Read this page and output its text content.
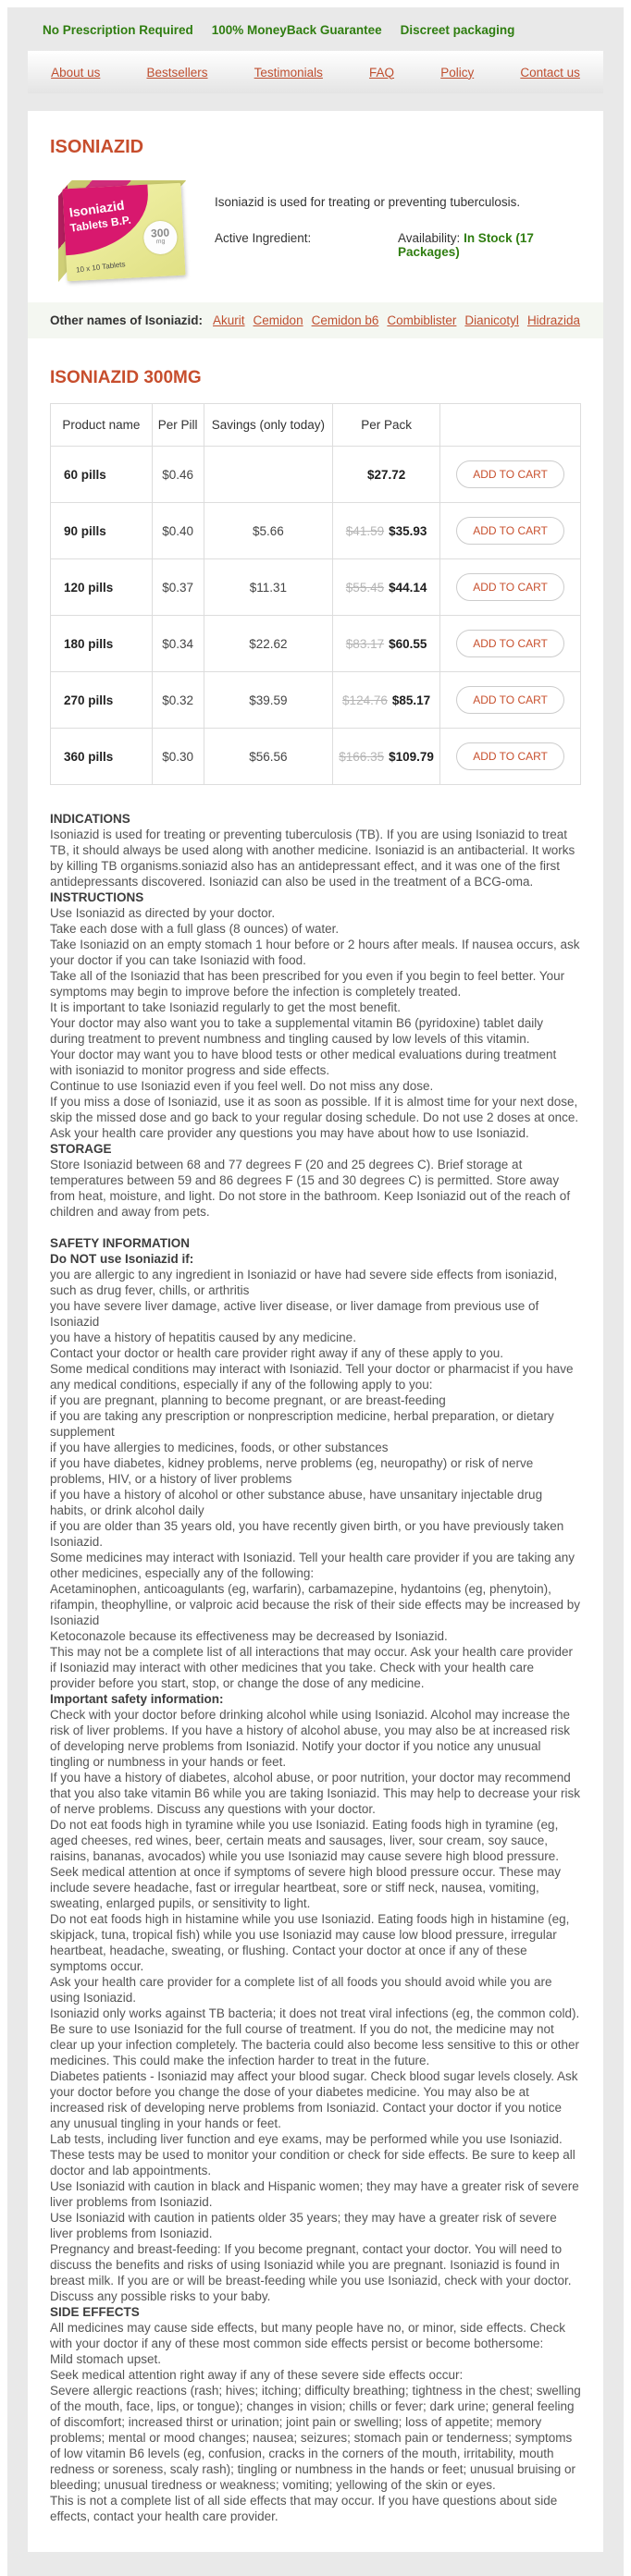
No Prescription Required 100% MoneyBack Guarantee Discreet packaging
About us	Bestsellers	Testimonials	FAQ	Policy	Contact us
ISONIAZID
Isoniazid
Tablets B.P.	300
mg
10 x 10 Tablets
Isoniazid is used for treating or preventing tuberculosis.
Active Ingredient:	Availability: In Stock (17 Packages)
Other names of Isoniazid: Akurit Cemidon Cemidon b6 Combiblister Dianicotyl Hidrazida
ISONIAZID 300MG
Product name	Per Pill	Savings (only today)	Per Pack	
60 pills	$0.46		$27.72	ADD TO CART
90 pills	$0.40	$5.66	$41.59 $35.93	ADD TO CART
120 pills	$0.37	$11.31	$55.45 $44.14	ADD TO CART
180 pills	$0.34	$22.62	$83.17 $60.55	ADD TO CART
270 pills	$0.32	$39.59	$124.76 $85.17	ADD TO CART
360 pills	$0.30	$56.56	$166.35 $109.79	ADD TO CART
INDICATIONS
Isoniazid is used for treating or preventing tuberculosis (TB). If you are using Isoniazid to treat TB, it should always be used along with another medicine. Isoniazid is an antibacterial. It works by killing TB organisms.soniazid also has an antidepressant effect, and it was one of the first antidepressants discovered. Isoniazid can also be used in the treatment of a BCG-oma.
INSTRUCTIONS
Use Isoniazid as directed by your doctor.
Take each dose with a full glass (8 ounces) of water.
Take Isoniazid on an empty stomach 1 hour before or 2 hours after meals. If nausea occurs, ask your doctor if you can take Isoniazid with food.
Take all of the Isoniazid that has been prescribed for you even if you begin to feel better. Your symptoms may begin to improve before the infection is completely treated.
It is important to take Isoniazid regularly to get the most benefit.
Your doctor may also want you to take a supplemental vitamin B6 (pyridoxine) tablet daily during treatment to prevent numbness and tingling caused by low levels of this vitamin.
Your doctor may want you to have blood tests or other medical evaluations during treatment with isoniazid to monitor progress and side effects.
Continue to use Isoniazid even if you feel well. Do not miss any dose.
If you miss a dose of Isoniazid, use it as soon as possible. If it is almost time for your next dose, skip the missed dose and go back to your regular dosing schedule. Do not use 2 doses at once.
Ask your health care provider any questions you may have about how to use Isoniazid.
STORAGE
Store Isoniazid between 68 and 77 degrees F (20 and 25 degrees C). Brief storage at temperatures between 59 and 86 degrees F (15 and 30 degrees C) is permitted. Store away from heat, moisture, and light. Do not store in the bathroom. Keep Isoniazid out of the reach of children and away from pets.
SAFETY INFORMATION
Do NOT use Isoniazid if:
you are allergic to any ingredient in Isoniazid or have had severe side effects from isoniazid, such as drug fever, chills, or arthritis
you have severe liver damage, active liver disease, or liver damage from previous use of Isoniazid
you have a history of hepatitis caused by any medicine.
Contact your doctor or health care provider right away if any of these apply to you.
Some medical conditions may interact with Isoniazid. Tell your doctor or pharmacist if you have any medical conditions, especially if any of the following apply to you:
if you are pregnant, planning to become pregnant, or are breast-feeding
if you are taking any prescription or nonprescription medicine, herbal preparation, or dietary supplement
if you have allergies to medicines, foods, or other substances
if you have diabetes, kidney problems, nerve problems (eg, neuropathy) or risk of nerve problems, HIV, or a history of liver problems
if you have a history of alcohol or other substance abuse, have unsanitary injectable drug habits, or drink alcohol daily
if you are older than 35 years old, you have recently given birth, or you have previously taken Isoniazid.
Some medicines may interact with Isoniazid. Tell your health care provider if you are taking any other medicines, especially any of the following:
Acetaminophen, anticoagulants (eg, warfarin), carbamazepine, hydantoins (eg, phenytoin), rifampin, theophylline, or valproic acid because the risk of their side effects may be increased by Isoniazid
Ketoconazole because its effectiveness may be decreased by Isoniazid.
This may not be a complete list of all interactions that may occur. Ask your health care provider if Isoniazid may interact with other medicines that you take. Check with your health care provider before you start, stop, or change the dose of any medicine.
Important safety information:
Check with your doctor before drinking alcohol while using Isoniazid. Alcohol may increase the risk of liver problems. If you have a history of alcohol abuse, you may also be at increased risk of developing nerve problems from Isoniazid. Notify your doctor if you notice any unusual tingling or numbness in your hands or feet.
If you have a history of diabetes, alcohol abuse, or poor nutrition, your doctor may recommend that you also take vitamin B6 while you are taking Isoniazid. This may help to decrease your risk of nerve problems. Discuss any questions with your doctor.
Do not eat foods high in tyramine while you use Isoniazid. Eating foods high in tyramine (eg, aged cheeses, red wines, beer, certain meats and sausages, liver, sour cream, soy sauce, raisins, bananas, avocados) while you use Isoniazid may cause severe high blood pressure. Seek medical attention at once if symptoms of severe high blood pressure occur. These may include severe headache, fast or irregular heartbeat, sore or stiff neck, nausea, vomiting, sweating, enlarged pupils, or sensitivity to light.
Do not eat foods high in histamine while you use Isoniazid. Eating foods high in histamine (eg, skipjack, tuna, tropical fish) while you use Isoniazid may cause low blood pressure, irregular heartbeat, headache, sweating, or flushing. Contact your doctor at once if any of these symptoms occur.
Ask your health care provider for a complete list of all foods you should avoid while you are using Isoniazid.
Isoniazid only works against TB bacteria; it does not treat viral infections (eg, the common cold).
Be sure to use Isoniazid for the full course of treatment. If you do not, the medicine may not clear up your infection completely. The bacteria could also become less sensitive to this or other medicines. This could make the infection harder to treat in the future.
Diabetes patients - Isoniazid may affect your blood sugar. Check blood sugar levels closely. Ask your doctor before you change the dose of your diabetes medicine. You may also be at increased risk of developing nerve problems from Isoniazid. Contact your doctor if you notice any unusual tingling in your hands or feet.
Lab tests, including liver function and eye exams, may be performed while you use Isoniazid. These tests may be used to monitor your condition or check for side effects. Be sure to keep all doctor and lab appointments.
Use Isoniazid with caution in black and Hispanic women; they may have a greater risk of severe liver problems from Isoniazid.
Use Isoniazid with caution in patients older 35 years; they may have a greater risk of severe liver problems from Isoniazid.
Pregnancy and breast-feeding: If you become pregnant, contact your doctor. You will need to discuss the benefits and risks of using Isoniazid while you are pregnant. Isoniazid is found in breast milk. If you are or will be breast-feeding while you use Isoniazid, check with your doctor. Discuss any possible risks to your baby.
SIDE EFFECTS
All medicines may cause side effects, but many people have no, or minor, side effects. Check with your doctor if any of these most common side effects persist or become bothersome:
Mild stomach upset.
Seek medical attention right away if any of these severe side effects occur:
Severe allergic reactions (rash; hives; itching; difficulty breathing; tightness in the chest; swelling of the mouth, face, lips, or tongue); changes in vision; chills or fever; dark urine; general feeling of discomfort; increased thirst or urination; joint pain or swelling; loss of appetite; memory problems; mental or mood changes; nausea; seizures; stomach pain or tenderness; symptoms of low vitamin B6 levels (eg, confusion, cracks in the corners of the mouth, irritability, mouth redness or soreness, scaly rash); tingling or numbness in the hands or feet; unusual bruising or bleeding; unusual tiredness or weakness; vomiting; yellowing of the skin or eyes.
This is not a complete list of all side effects that may occur. If you have questions about side effects, contact your health care provider.
